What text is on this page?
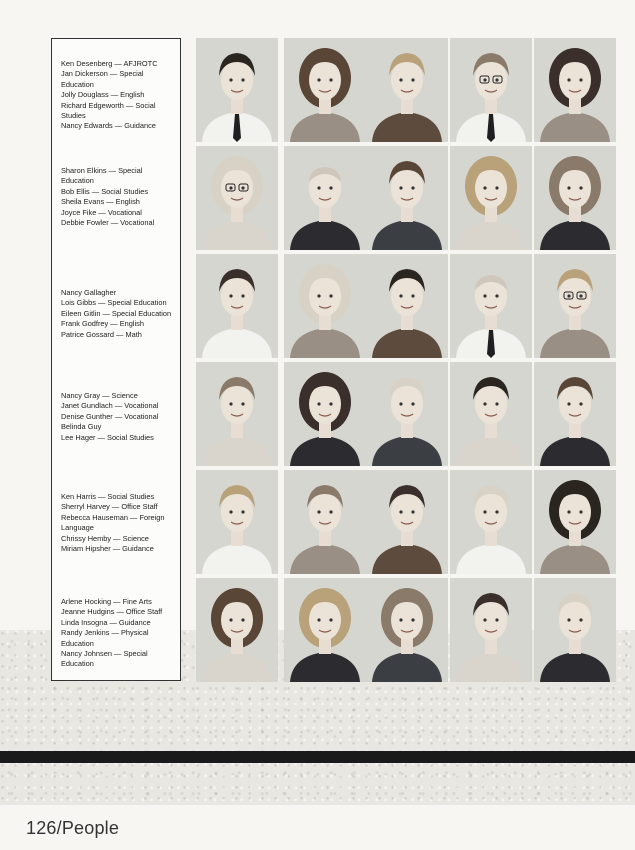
Ken Desenberg — AFJROTC
Jan Dickerson — Special
Education
Jolly Douglass — English
Richard Edgeworth — Social
Studies
Nancy Edwards — Guidance
Sharon Elkins — Special
Education
Bob Ellis — Social Studies
Sheila Evans — English
Joyce Fike — Vocational
Debbie Fowler — Vocational
Nancy Gallagher
Lois Gibbs — Special Education
Eileen Gitlin — Special Education
Frank Godfrey — English
Patrice Gossard — Math
Nancy Gray — Science
Janet Gundlach — Vocational
Denise Gunther — Vocational
Belinda Guy
Lee Hager — Social Studies
Ken Harris — Social Studies
Sherryl Harvey — Office Staff
Rebecca Hauseman — Foreign
Language
Chrissy Hemby — Science
Miriam Hipsher — Guidance
Arlene Hocking — Fine Arts
Jeanne Hudgins — Office Staff
Linda Insogna — Guidance
Randy Jenkins — Physical
Education
Nancy Johnsen — Special
Education
126/People
